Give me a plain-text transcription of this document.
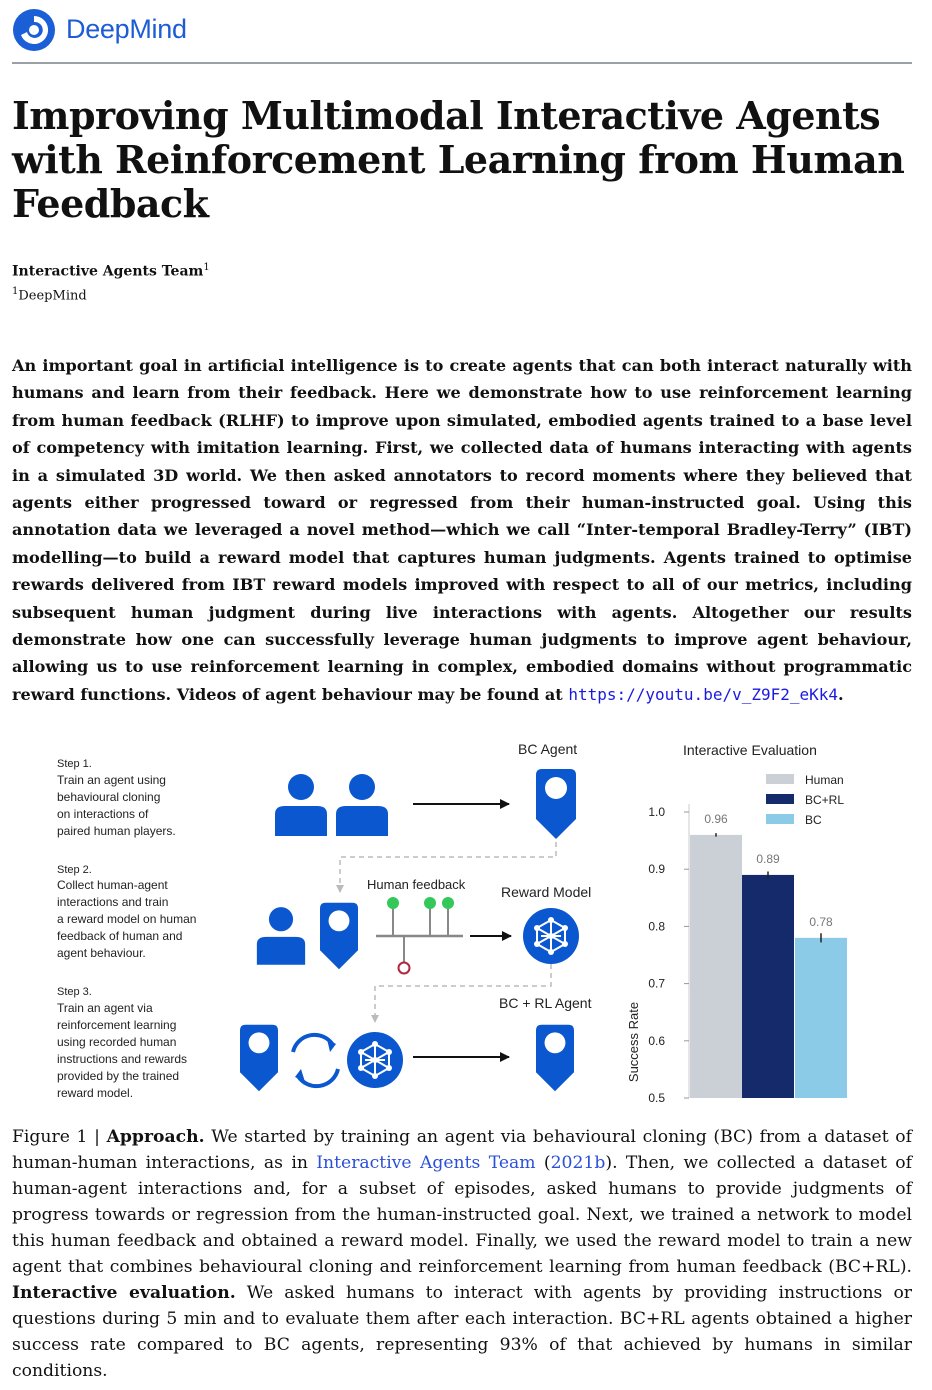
DeepMind
Improving Multimodal Interactive Agents with Reinforcement Learning from Human Feedback
Interactive Agents Team$^1$
$^1$DeepMind

An important goal in artificial intelligence is to create agents that can both interact naturally with humans and learn from their feedback. Here we demonstrate how to use reinforcement learning from human feedback (RLHF) to improve upon simulated, embodied agents trained to a base level of competency with imitation learning. First, we collected data of humans interacting with agents in a simulated 3D world. We then asked annotators to record moments where they believed that agents either progressed toward or regressed from their human-instructed goal. Using this annotation data we leveraged a novel method—which we call “Inter-temporal Bradley-Terry” (IBT) modelling—to build a reward model that captures human judgments. Agents trained to optimise rewards delivered from IBT reward models improved with respect to all of our metrics, including subsequent human judgment during live interactions with agents. Altogether our results demonstrate how one can successfully leverage human judgments to improve agent behaviour, allowing us to use reinforcement learning in complex, embodied domains without programmatic reward functions. Videos of agent behaviour may be found at https://youtu.be/v_Z9F2_eKk4.

Step 1.
Train an agent using
behavioural cloning
on interactions of
paired human players.
Step 2.
Collect human-agent
interactions and train
a reward model on human
feedback of human and
agent behaviour.
Step 3.
Train an agent via
reinforcement learning
using recorded human
instructions and rewards
provided by the trained
reward model.
BC Agent
Human feedback	Reward Model
BC + RL Agent
Interactive Evaluation
Success Rate
0.5
0.6
0.7
0.8
0.9
1.0	0.96
0.89
0.78
Human
BC+RL
BC

Figure 1 | Approach. We started by training an agent via behavioural cloning (BC) from a dataset of human-human interactions, as in Interactive Agents Team (2021b). Then, we collected a dataset of human-agent interactions and, for a subset of episodes, asked humans to provide judgments of progress towards or regression from the human-instructed goal. Next, we trained a network to model this human feedback and obtained a reward model. Finally, we used the reward model to train a new agent that combines behavioural cloning and reinforcement learning from human feedback (BC+RL). Interactive evaluation. We asked humans to interact with agents by providing instructions or questions during 5 min and to evaluate them after each interaction. BC+RL agents obtained a higher success rate compared to BC agents, representing 93% of that achieved by humans in similar conditions.
